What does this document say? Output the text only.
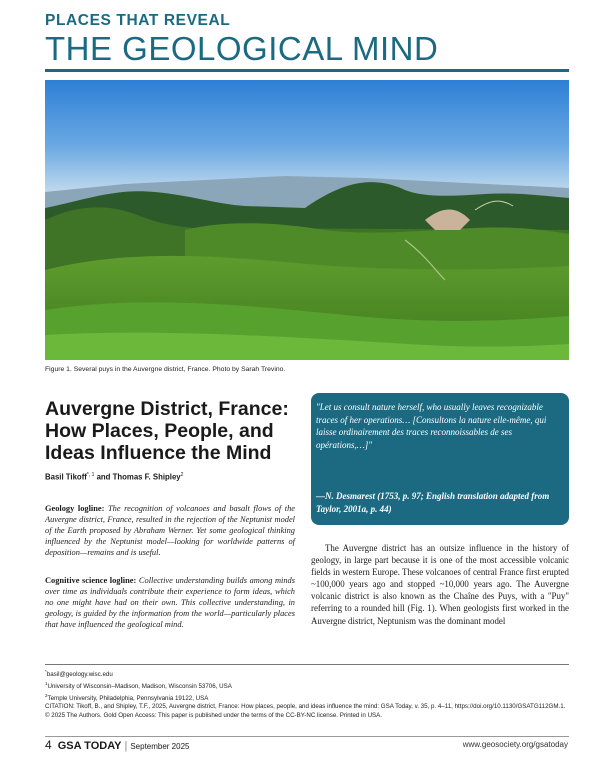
PLACES THAT REVEAL
THE GEOLOGICAL MIND
Figure 1. Several puys in the Auvergne district, France. Photo by Sarah Trevino.
Auvergne District, France: How Places, People, and Ideas Influence the Mind
Basil Tikoff$^{*, 1}$ and Thomas F. Shipley$^2$
Geology logline: The recognition of volcanoes and basalt flows of the Auvergne district, France, resulted in the rejection of the Neptunist model of the Earth proposed by Abraham Werner. Yet some geological thinking influenced by the Neptunist model—looking for worldwide patterns of deposition—remains and is useful.
Cognitive science logline: Collective understanding builds among minds over time as individuals contribute their experience to form ideas, which no one might have had on their own. This collective understanding, in geology, is guided by the information from the world—particularly places that have influenced the geological mind.
"Let us consult nature herself, who usually leaves recognizable traces of her operations… [Consultons la nature elle-même, qui laisse ordinairement des traces reconnoissables de ses opérations,…]"
—N. Desmarest (1753, p. 97; English translation adapted from Taylor, 2001a, p. 44)

The Auvergne district has an outsize influence in the history of geology, in large part because it is one of the most accessible volcanic fields in western Europe. These volcanoes of central France first erupted ~100,000 years ago and stopped ~10,000 years ago. The Auvergne volcanic district is also known as the Chaîne des Puys, with a "Puy" referring to a rounded hill (Fig. 1). When geologists first worked in the Auvergne district, Neptunism was the dominant model

*basil@geology.wisc.edu
$^1$University of Wisconsin–Madison, Madison, Wisconsin 53706, USA
$^2$Temple University, Philadelphia, Pennsylvania 19122, USA
CITATION: Tikoff, B., and Shipley, T.F., 2025, Auvergne district, France: How places, people, and ideas influence the mind: GSA Today, v. 35, p. 4–11, https://doi.org/10.1130/GSATG112GM.1.
© 2025 The Authors. Gold Open Access: This paper is published under the terms of the CC-BY-NC license. Printed in USA.
4 GSA TODAY | September 2025	www.geosociety.org/gsatoday
